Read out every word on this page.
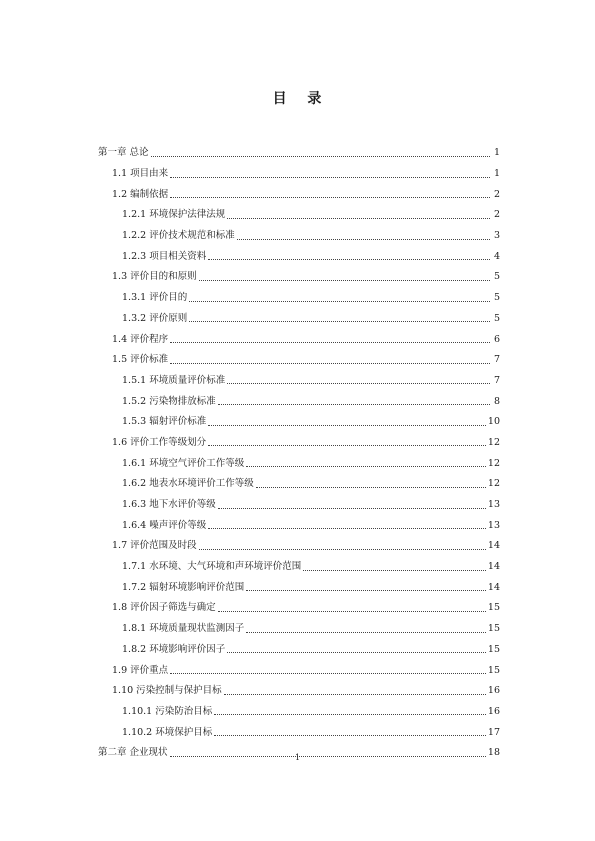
目 录
第一章 总论	1
1.1 项目由来	1
1.2 编制依据	2
1.2.1 环境保护法律法规	2
1.2.2 评价技术规范和标准	3
1.2.3 项目相关资料	4
1.3 评价目的和原则	5
1.3.1 评价目的	5
1.3.2 评价原则	5
1.4 评价程序	6
1.5 评价标准	7
1.5.1 环境质量评价标准	7
1.5.2 污染物排放标准	8
1.5.3 辐射评价标准	10
1.6 评价工作等级划分	12
1.6.1 环境空气评价工作等级	12
1.6.2 地表水环境评价工作等级	12
1.6.3 地下水评价等级	13
1.6.4 噪声评价等级	13
1.7 评价范围及时段	14
1.7.1 水环境、大气环境和声环境评价范围	14
1.7.2 辐射环境影响评价范围	14
1.8 评价因子筛选与确定	15
1.8.1 环境质量现状监测因子	15
1.8.2 环境影响评价因子	15
1.9 评价重点	15
1.10 污染控制与保护目标	16
1.10.1 污染防治目标	16
1.10.2 环境保护目标	17
第二章 企业现状	18
1
